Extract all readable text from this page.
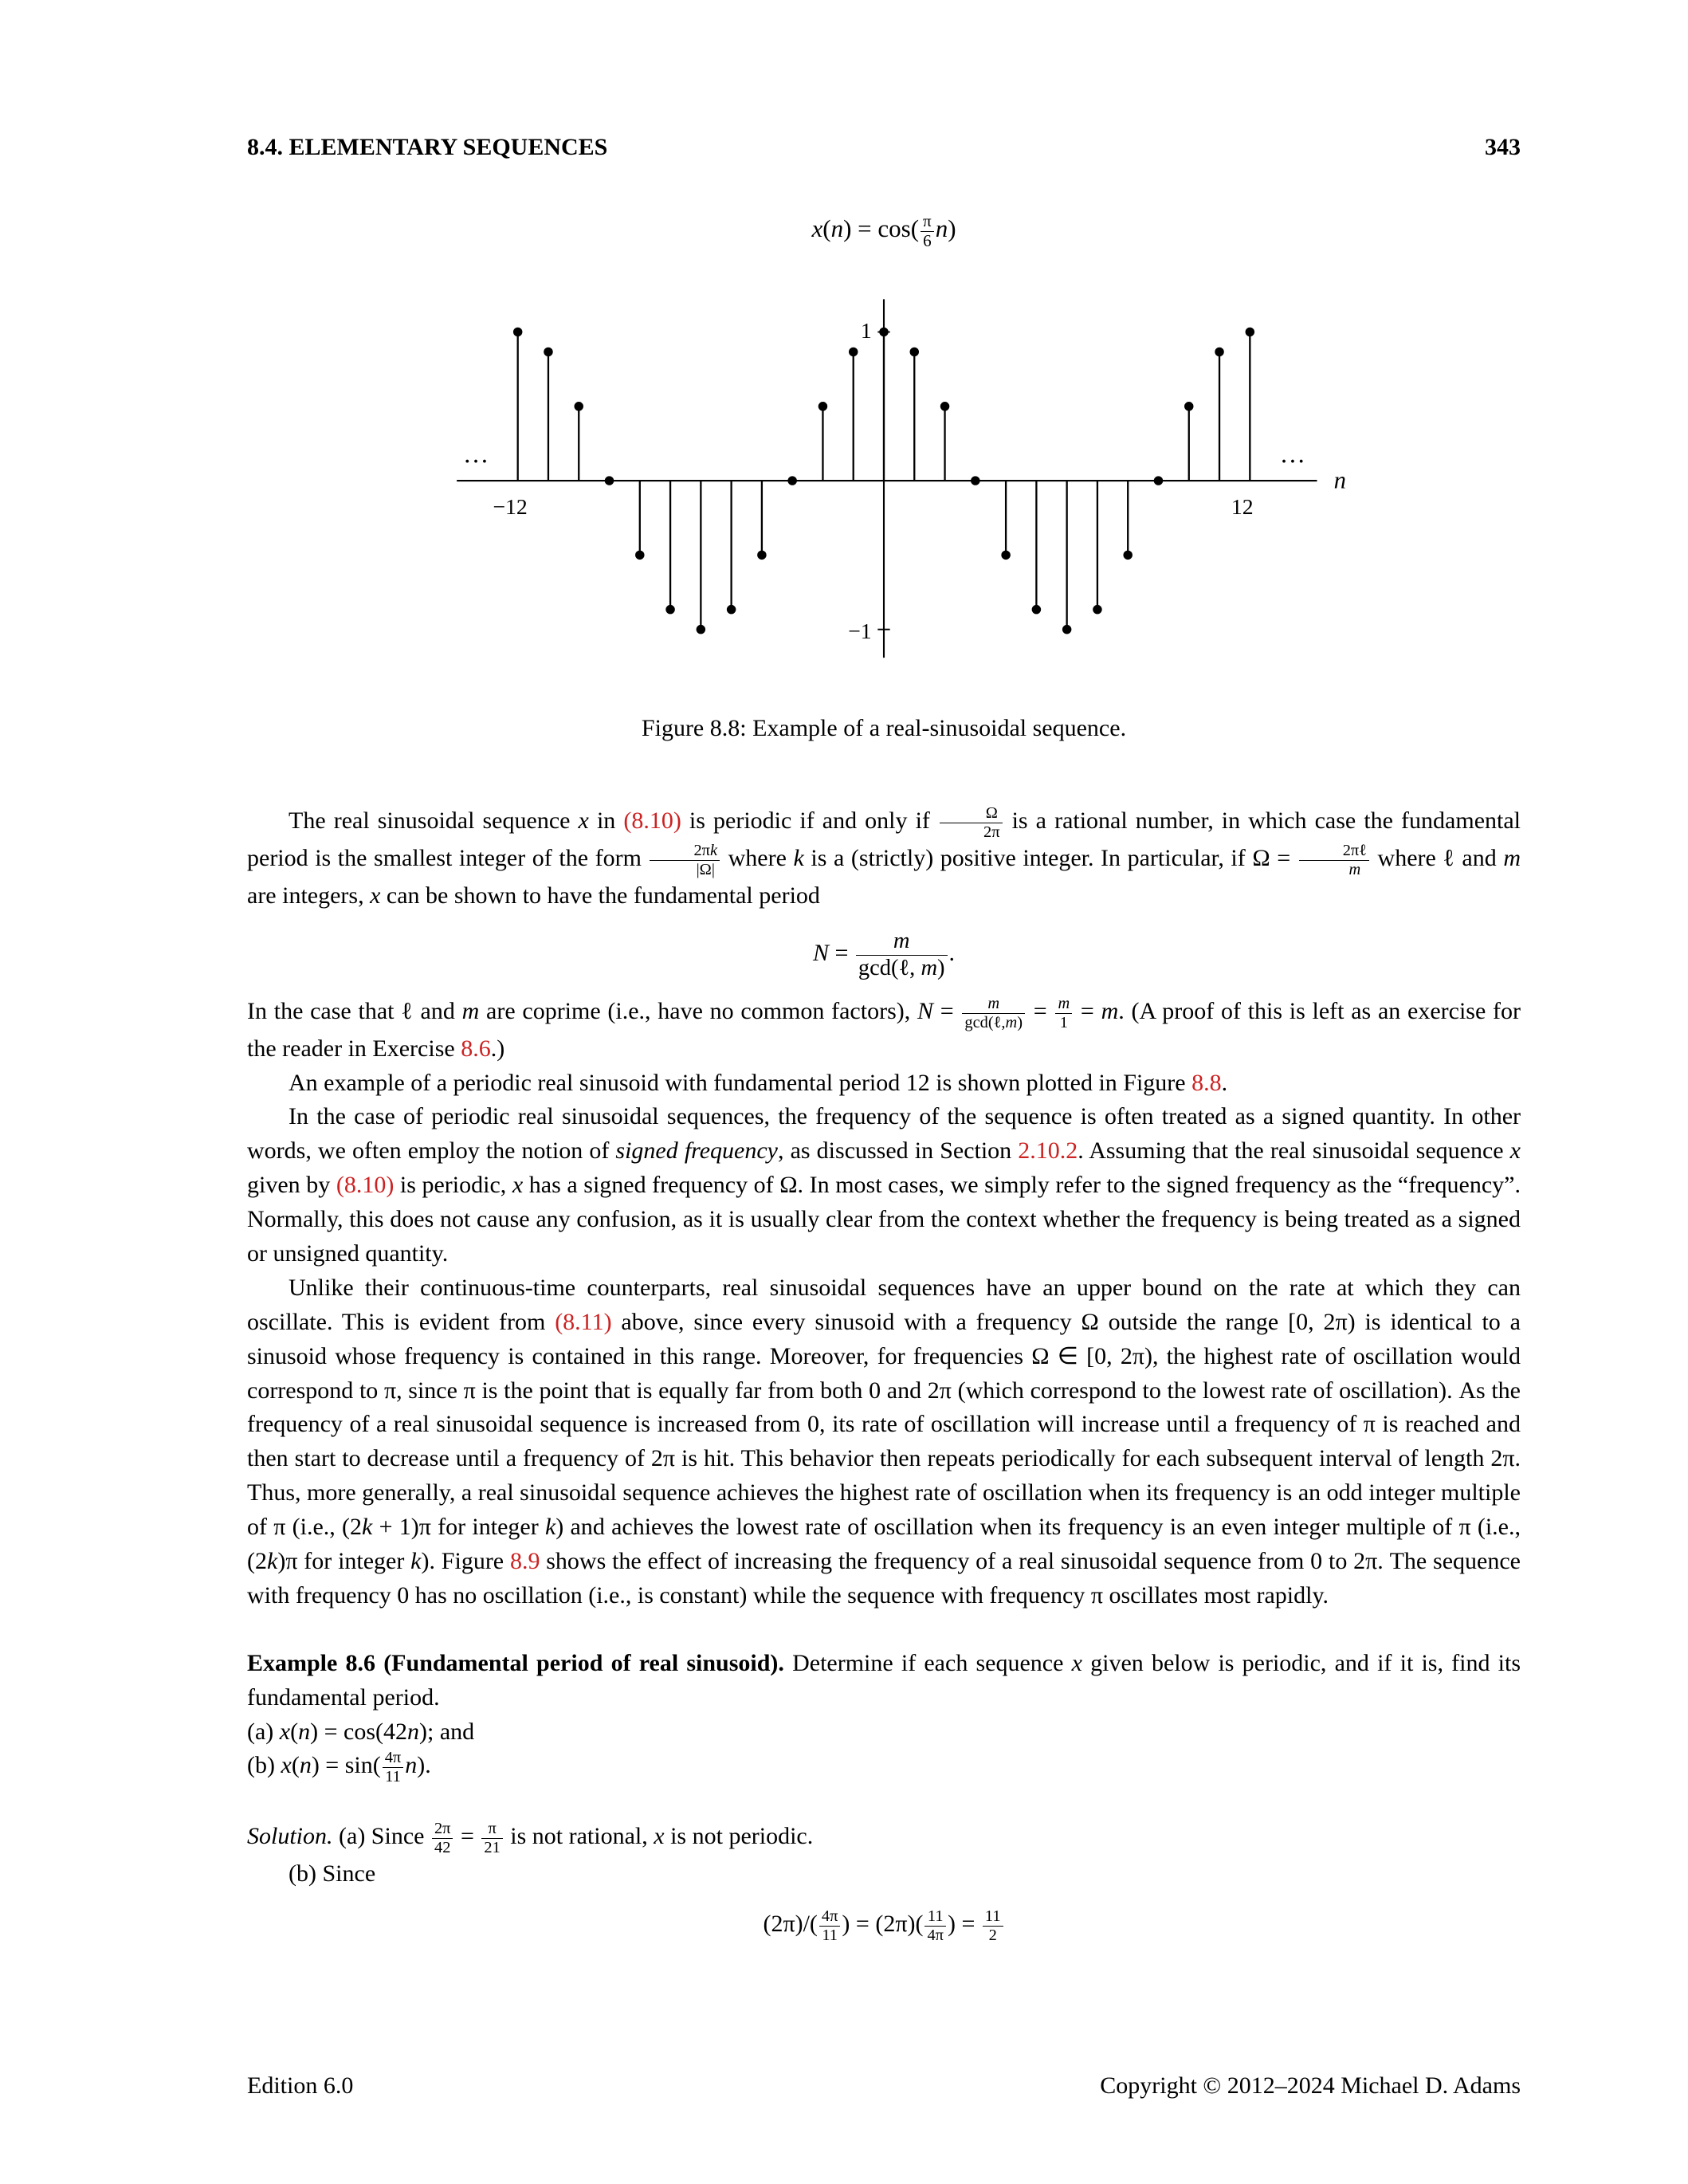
8.4. ELEMENTARY SEQUENCES	343
$x(n) = \cos( \frac{\pi}{6} n)$
n
1
−1
−12	12
···	···
Figure 8.8: Example of a real-sinusoidal sequence.

The real sinusoidal sequence x in (8.10) is periodic if and only if $\frac{\Omega}{2\pi}$ is a rational number, in which case the fundamental period is the smallest integer of the form $\frac{2\pi k}{|\Omega|}$ where k is a (strictly) positive integer. In particular, if $\Omega = \frac{\text{2πℓ}}{m}$ where ℓ and m are integers, x can be shown to have the fundamental period

$N = \frac{m}{\text{gcd(ℓ, m)}}$ .

In the case that ℓ and m are coprime (i.e., have no common factors), $N = \frac{m}{\text{gcd(ℓ,m)}} = \frac{m}{1} = m$. (A proof of this is left as an exercise for the reader in Exercise 8.6.)

An example of a periodic real sinusoid with fundamental period 12 is shown plotted in Figure 8.8.

In the case of periodic real sinusoidal sequences, the frequency of the sequence is often treated as a signed quantity. In other words, we often employ the notion of signed frequency, as discussed in Section 2.10.2. Assuming that the real sinusoidal sequence x given by (8.10) is periodic, x has a signed frequency of Ω. In most cases, we simply refer to the signed frequency as the “frequency”. Normally, this does not cause any confusion, as it is usually clear from the context whether the frequency is being treated as a signed or unsigned quantity.

Unlike their continuous-time counterparts, real sinusoidal sequences have an upper bound on the rate at which they can oscillate. This is evident from (8.11) above, since every sinusoid with a frequency Ω outside the range [0, 2π) is identical to a sinusoid whose frequency is contained in this range. Moreover, for frequencies Ω ∈ [0, 2π), the highest rate of oscillation would correspond to π, since π is the point that is equally far from both 0 and 2π (which correspond to the lowest rate of oscillation). As the frequency of a real sinusoidal sequence is increased from 0, its rate of oscillation will increase until a frequency of π is reached and then start to decrease until a frequency of 2π is hit. This behavior then repeats periodically for each subsequent interval of length 2π. Thus, more generally, a real sinusoidal sequence achieves the highest rate of oscillation when its frequency is an odd integer multiple of π (i.e., (2k + 1)π for integer k) and achieves the lowest rate of oscillation when its frequency is an even integer multiple of π (i.e., (2k)π for integer k). Figure 8.9 shows the effect of increasing the frequency of a real sinusoidal sequence from 0 to 2π. The sequence with frequency 0 has no oscillation (i.e., is constant) while the sequence with frequency π oscillates most rapidly.

Example 8.6 (Fundamental period of real sinusoid). Determine if each sequence x given below is periodic, and if it is, find its fundamental period.

(a) x(n) = cos(42n); and

(b) $x(n) = \sin( \frac{4\pi}{11} n)$.

Solution. (a) Since $\frac{2\pi}{42} = \frac{\pi}{21}$ is not rational, x is not periodic.

(b) Since

$(2\pi)/( \frac{4\pi}{11}$ ) = $(2\pi)( \frac{11}{4\pi}$ ) = $\frac{11}{2}$

Edition 6.0	Copyright © 2012–2024 Michael D. Adams
